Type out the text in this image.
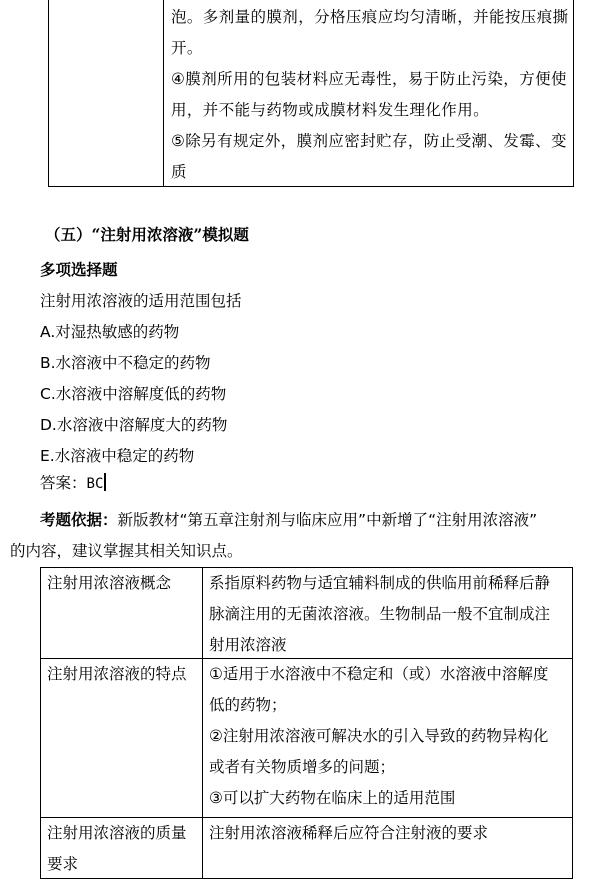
泡。多剂量的膜剂，分格压痕应均匀清晰，并能按压痕撕
开。
④膜剂所用的包装材料应无毒性，易于防止污染，方便使
用，并不能与药物或成膜材料发生理化作用。
⑤除另有规定外，膜剂应密封贮存，防止受潮、发霉、变
质
（五）“注射用浓溶液”模拟题
多项选择题
注射用浓溶液的适用范围包括
A.对湿热敏感的药物
B.水溶液中不稳定的药物
C.水溶液中溶解度低的药物
D.水溶液中溶解度大的药物
E.水溶液中稳定的药物
答案：BC
考题依据：新版教材“第五章注射剂与临床应用”中新增了“注射用浓溶液”
的内容，建议掌握其相关知识点。
注射用浓溶液概念	系指原料药物与适宜辅料制成的供临用前稀释后静
脉滴注用的无菌浓溶液。生物制品一般不宜制成注
射用浓溶液
注射用浓溶液的特点	①适用于水溶液中不稳定和（或）水溶液中溶解度
低的药物；
②注射用浓溶液可解决水的引入导致的药物异构化
或者有关物质增多的问题；
③可以扩大药物在临床上的适用范围
注射用浓溶液的质量
要求
注射用浓溶液稀释后应符合注射液的要求
